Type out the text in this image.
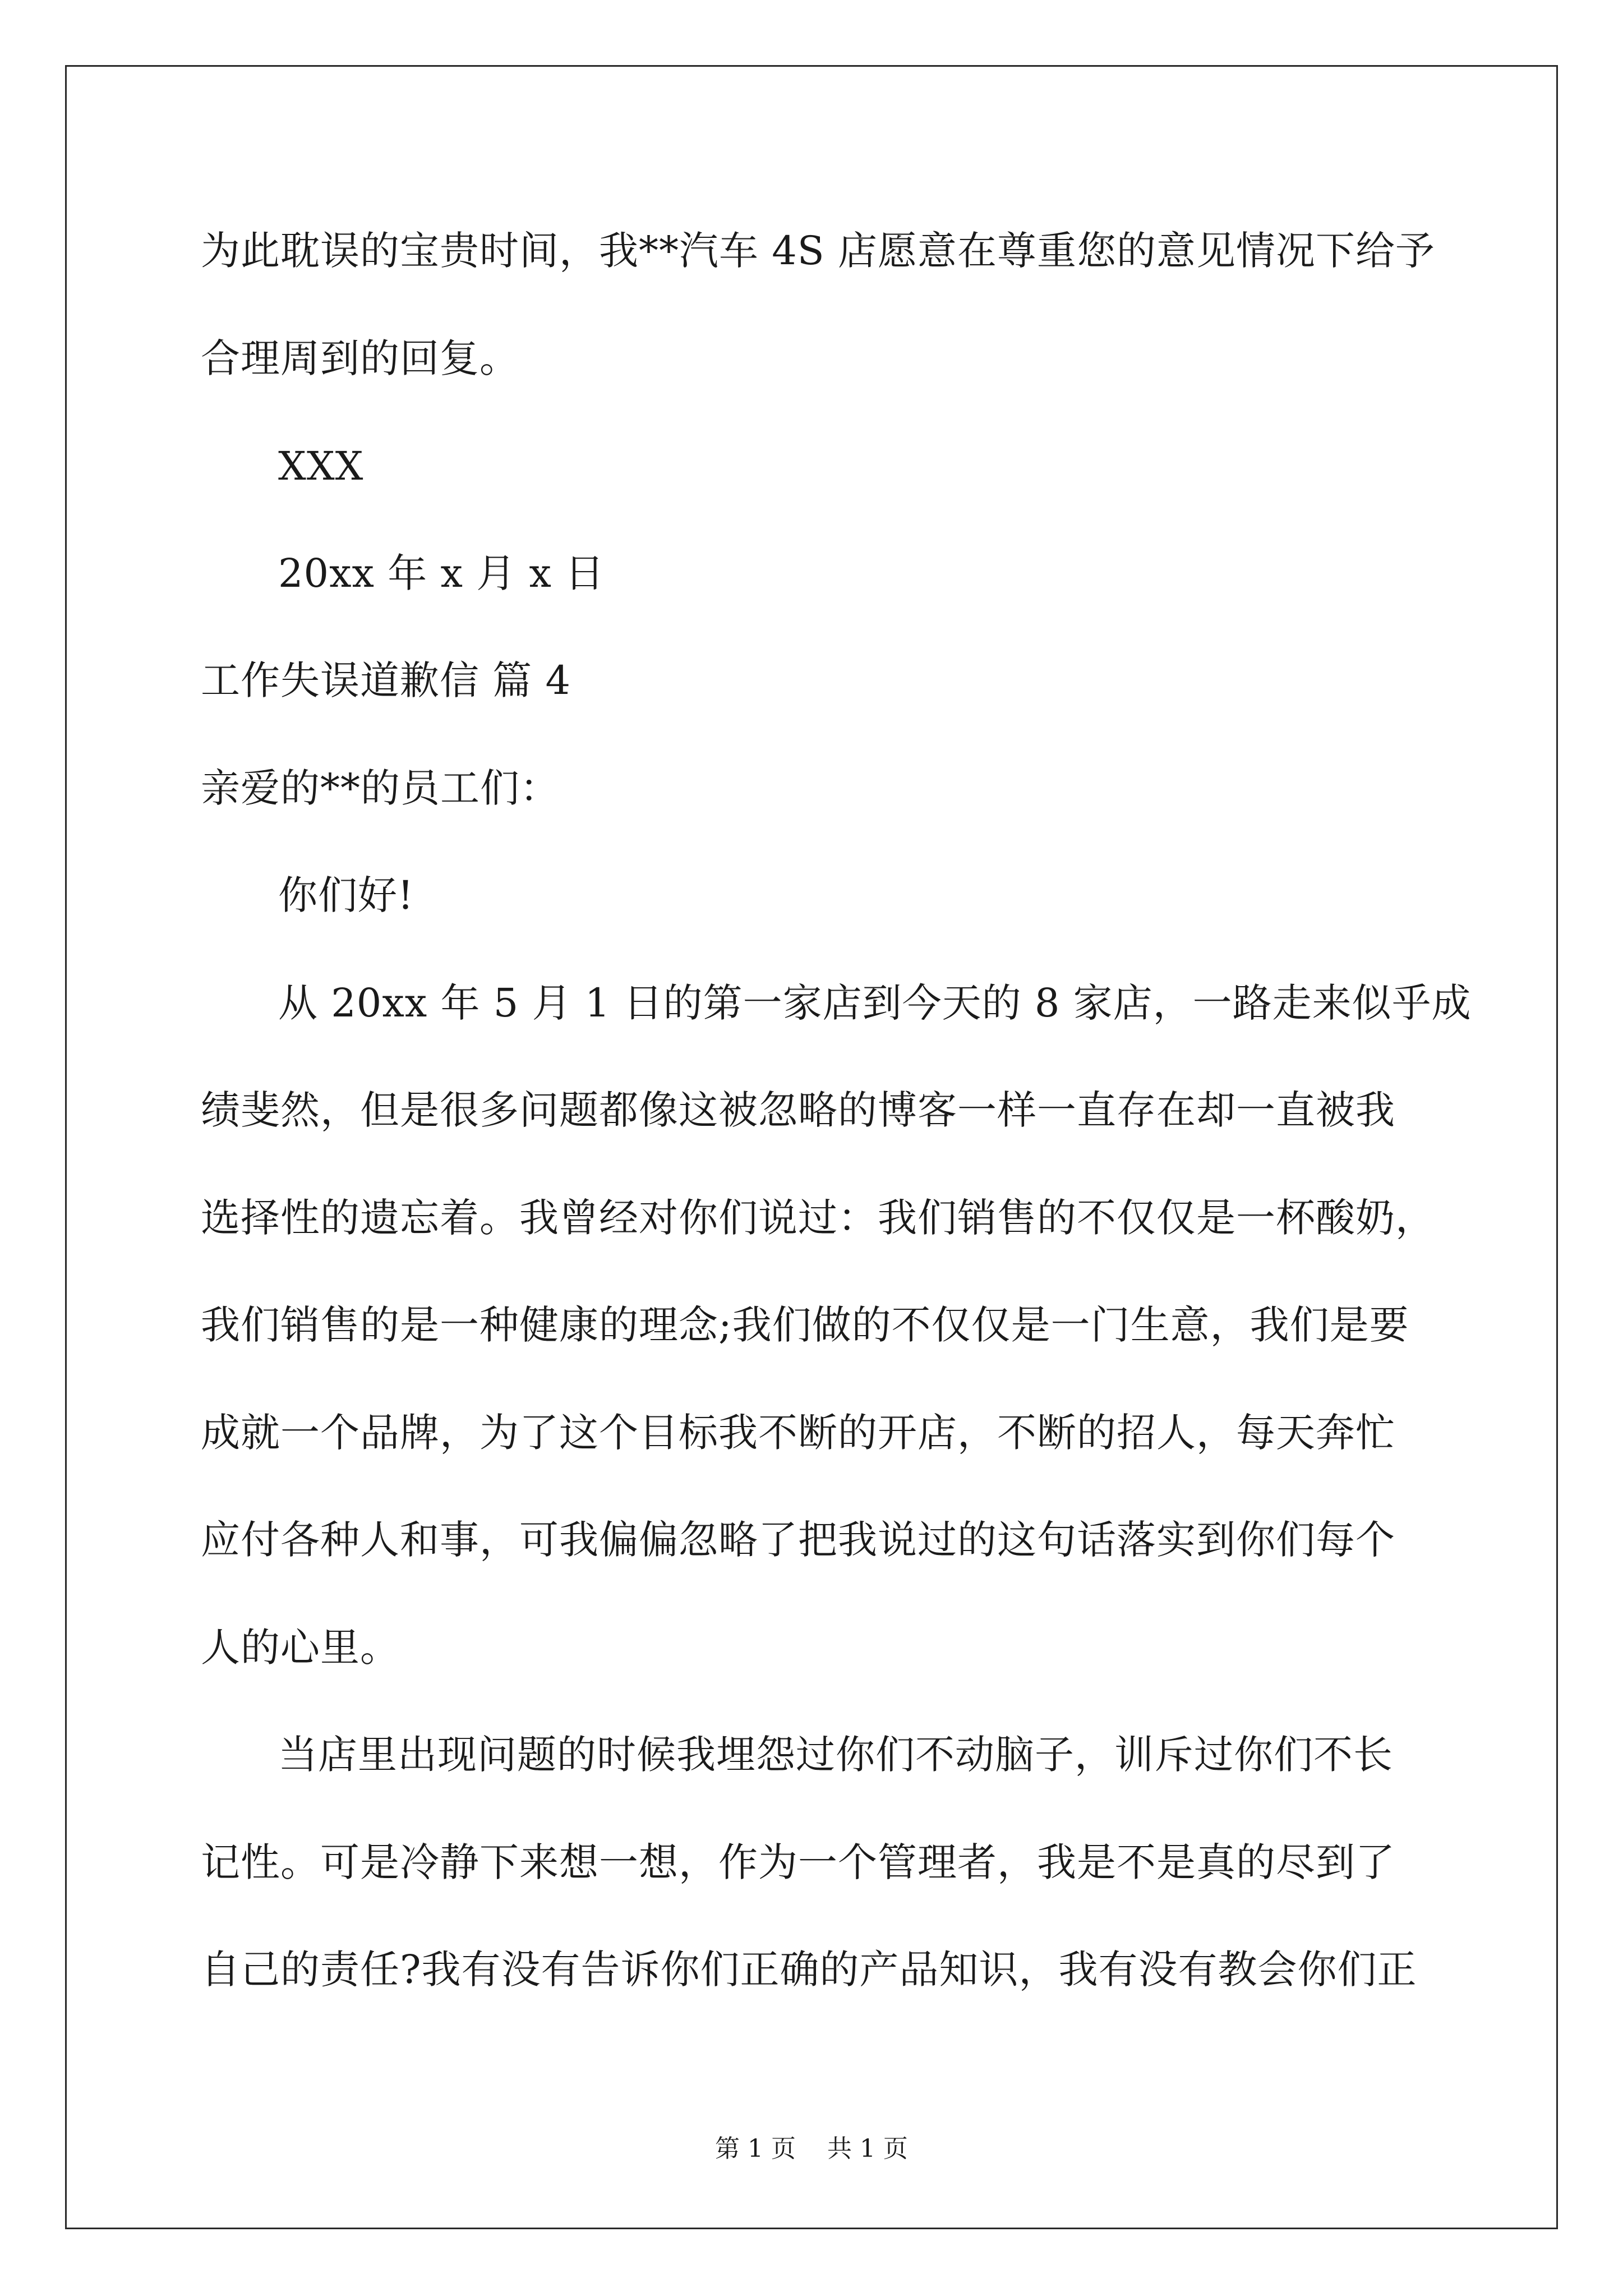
为此耽误的宝贵时间，我**汽车 4S 店愿意在尊重您的意见情况下给予
合理周到的回复。
XXX
20xx 年 x 月 x 日
工作失误道歉信 篇 4
亲爱的**的员工们：
你们好!
从 20xx 年 5 月 1 日的第一家店到今天的 8 家店，一路走来似乎成
绩斐然，但是很多问题都像这被忽略的博客一样一直存在却一直被我
选择性的遗忘着。我曾经对你们说过：我们销售的不仅仅是一杯酸奶，
我们销售的是一种健康的理念;我们做的不仅仅是一门生意，我们是要
成就一个品牌，为了这个目标我不断的开店，不断的招人，每天奔忙
应付各种人和事，可我偏偏忽略了把我说过的这句话落实到你们每个
人的心里。
当店里出现问题的时候我埋怨过你们不动脑子，训斥过你们不长
记性。可是冷静下来想一想，作为一个管理者，我是不是真的尽到了
自己的责任?我有没有告诉你们正确的产品知识，我有没有教会你们正
第 1 页    共 1 页
